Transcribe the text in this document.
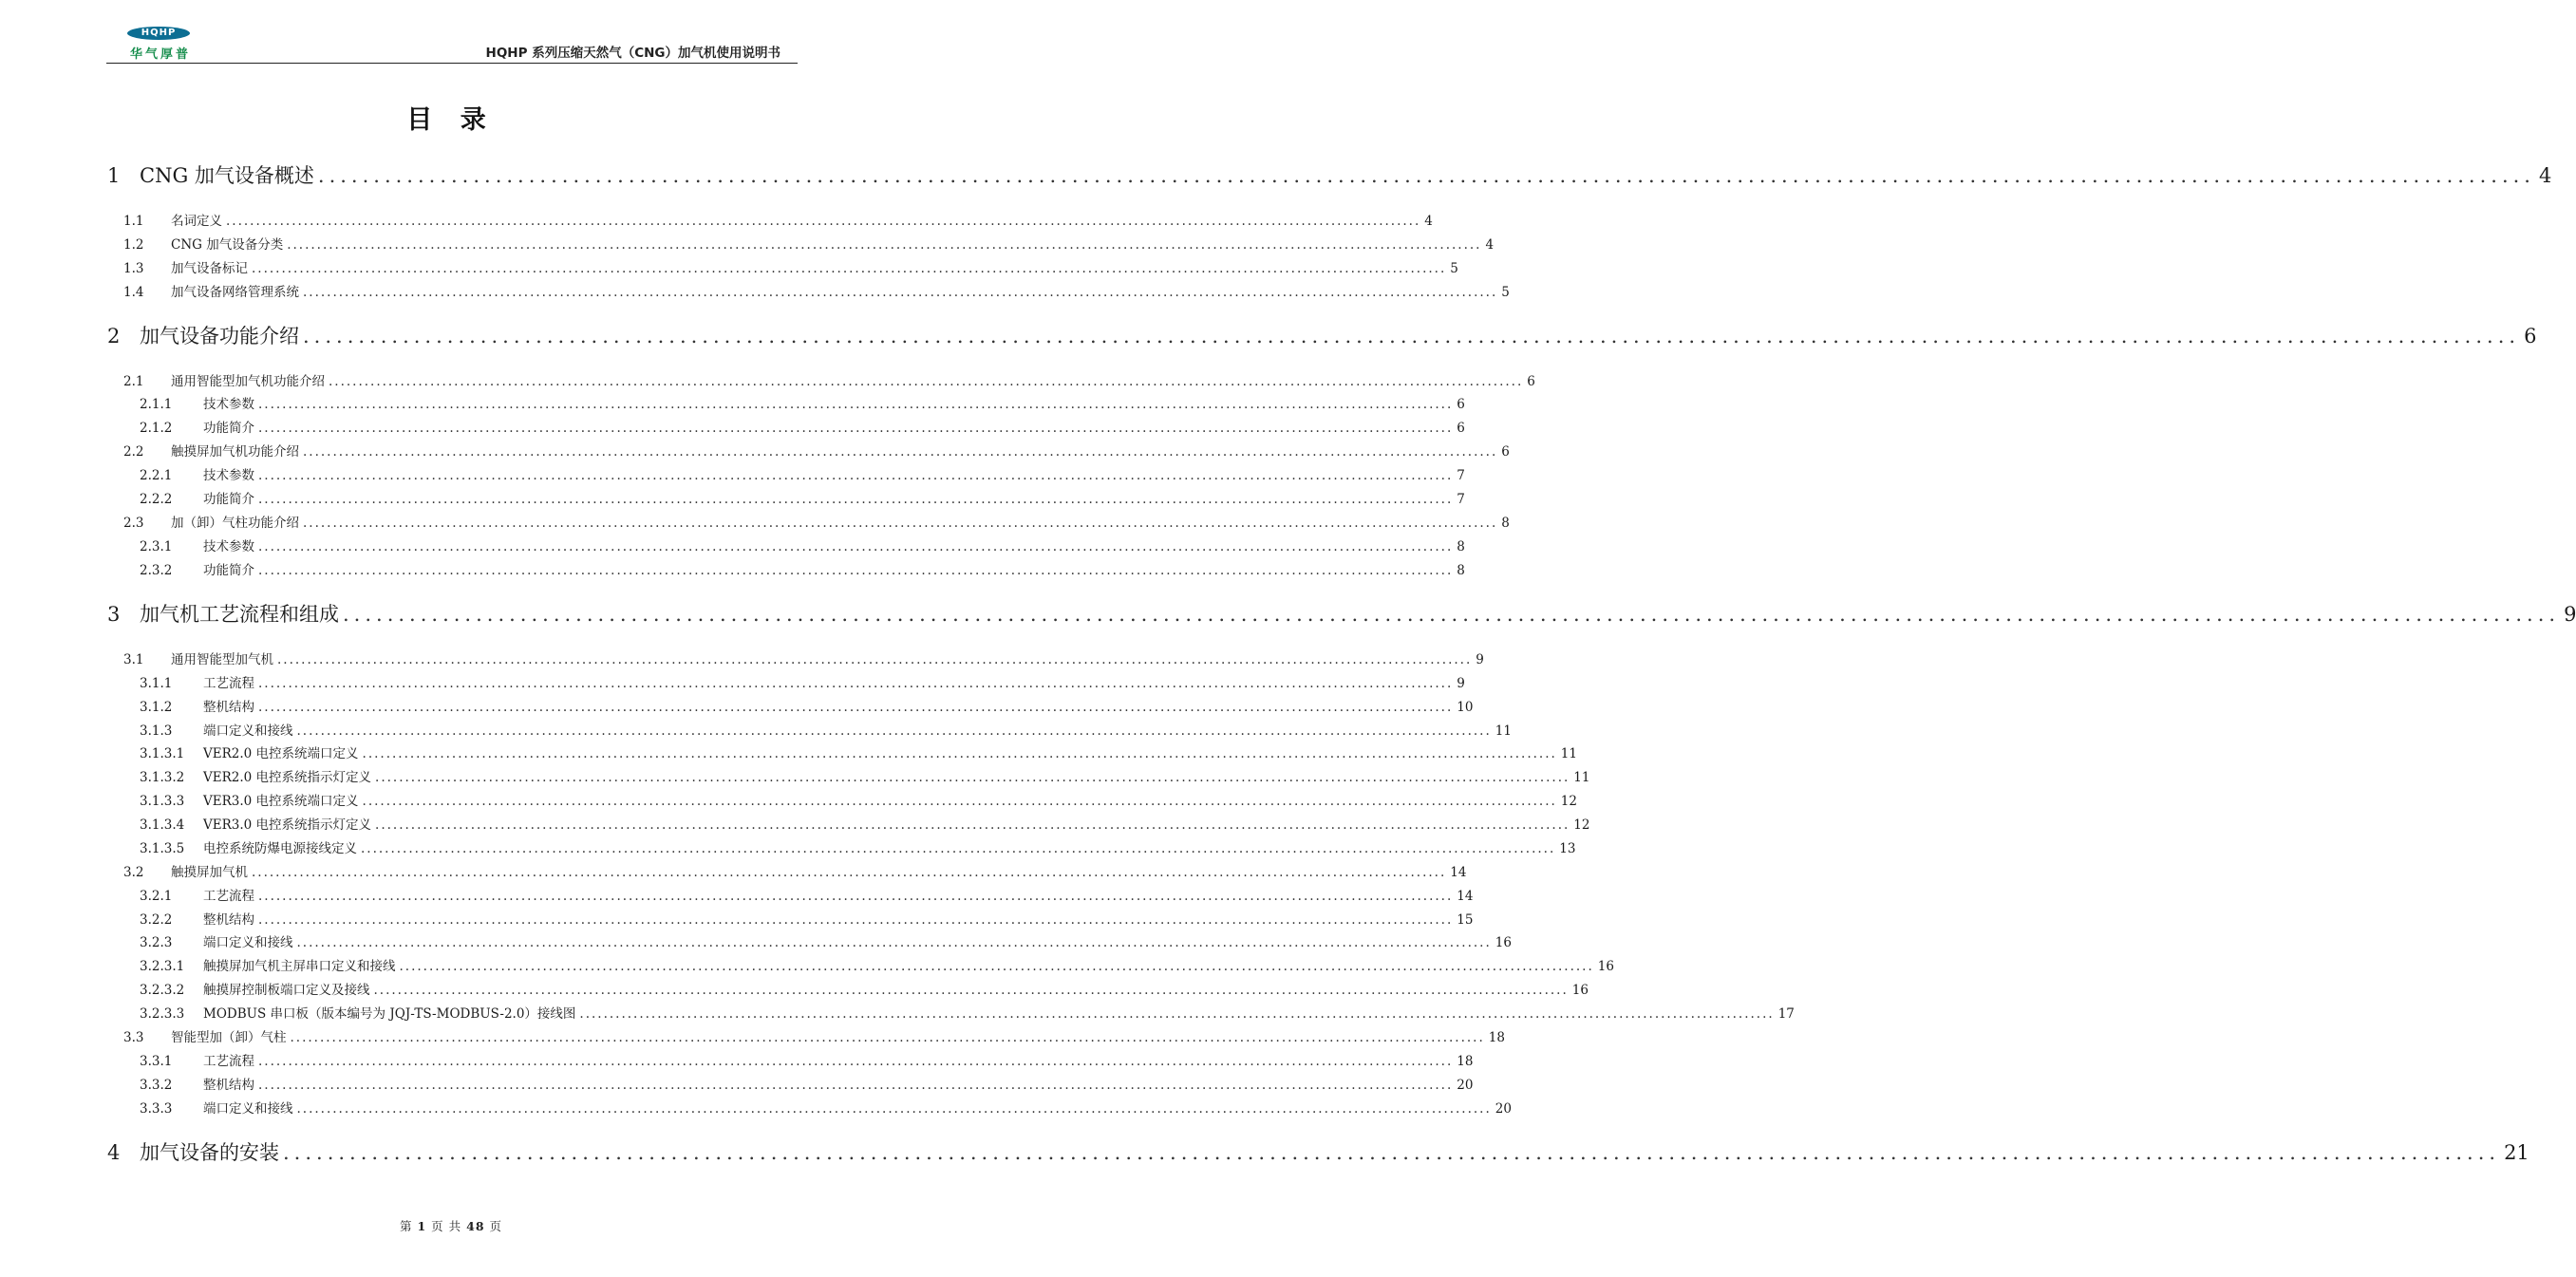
HQHP
华气厚普	HQHP 系列压缩天然气（CNG）加气机使用说明书
目 录
1 CNG 加气设备概述 ........................................................................................................................................................................................................ 4
1.1	名词定义 ........................................................................................................................................................................................................ 4
1.2	CNG 加气设备分类 ........................................................................................................................................................................................................ 4
1.3	加气设备标记 ........................................................................................................................................................................................................ 5
1.4	加气设备网络管理系统 ........................................................................................................................................................................................................ 5
2 加气设备功能介绍 ........................................................................................................................................................................................................ 6
2.1	通用智能型加气机功能介绍 ........................................................................................................................................................................................................ 6
2.1.1	技术参数 ........................................................................................................................................................................................................ 6
2.1.2	功能简介 ........................................................................................................................................................................................................ 6
2.2	触摸屏加气机功能介绍 ........................................................................................................................................................................................................ 6
2.2.1	技术参数 ........................................................................................................................................................................................................ 7
2.2.2	功能简介 ........................................................................................................................................................................................................ 7
2.3	加（卸）气柱功能介绍 ........................................................................................................................................................................................................ 8
2.3.1	技术参数 ........................................................................................................................................................................................................ 8
2.3.2	功能简介 ........................................................................................................................................................................................................ 8
3 加气机工艺流程和组成 ........................................................................................................................................................................................................ 9
3.1	通用智能型加气机 ........................................................................................................................................................................................................ 9
3.1.1	工艺流程 ........................................................................................................................................................................................................ 9
3.1.2	整机结构 ........................................................................................................................................................................................................ 10
3.1.3	端口定义和接线 ........................................................................................................................................................................................................ 11
3.1.3.1	VER2.0 电控系统端口定义 ........................................................................................................................................................................................................ 11
3.1.3.2	VER2.0 电控系统指示灯定义 ........................................................................................................................................................................................................ 11
3.1.3.3	VER3.0 电控系统端口定义 ........................................................................................................................................................................................................ 12
3.1.3.4	VER3.0 电控系统指示灯定义 ........................................................................................................................................................................................................ 12
3.1.3.5	电控系统防爆电源接线定义 ........................................................................................................................................................................................................ 13
3.2	触摸屏加气机 ........................................................................................................................................................................................................ 14
3.2.1	工艺流程 ........................................................................................................................................................................................................ 14
3.2.2	整机结构 ........................................................................................................................................................................................................ 15
3.2.3	端口定义和接线 ........................................................................................................................................................................................................ 16
3.2.3.1	触摸屏加气机主屏串口定义和接线 ........................................................................................................................................................................................................ 16
3.2.3.2	触摸屏控制板端口定义及接线 ........................................................................................................................................................................................................ 16
3.2.3.3	MODBUS 串口板（版本编号为 JQJ-TS-MODBUS-2.0）接线图 ........................................................................................................................................................................................................ 17
3.3	智能型加（卸）气柱 ........................................................................................................................................................................................................ 18
3.3.1	工艺流程 ........................................................................................................................................................................................................ 18
3.3.2	整机结构 ........................................................................................................................................................................................................ 20
3.3.3	端口定义和接线 ........................................................................................................................................................................................................ 20
4 加气设备的安装 ........................................................................................................................................................................................................ 21
第 1 页 共 48 页
